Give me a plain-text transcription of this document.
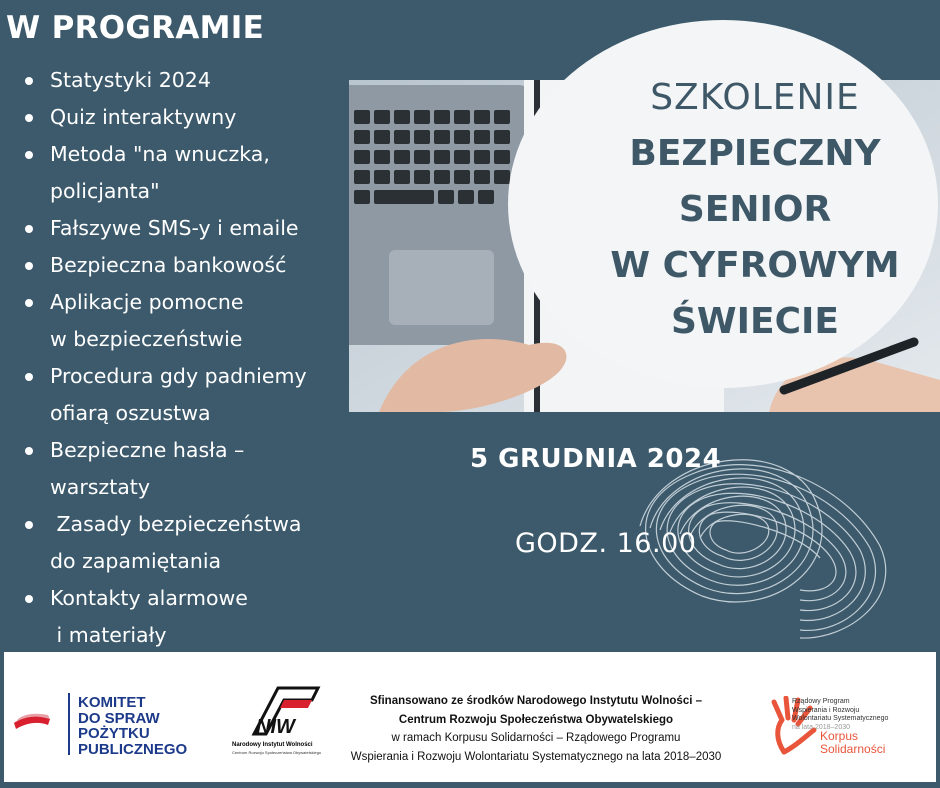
W PROGRAMIE
Statystyki 2024
Quiz interaktywny
Metoda "na wnuczka,
policjanta"
Fałszywe SMS-y i emaile
Bezpieczna bankowość
Aplikacje pomocne
w bezpieczeństwie
Procedura gdy padniemy
ofiarą oszustwa
Bezpieczne hasła –
warsztaty
Zasady bezpieczeństwa
do zapamiętania
Kontakty alarmowe
i materiały
SZKOLENIE
BEZPIECZNY
SENIOR
W CYFROWYM
ŚWIECIE
5 GRUDNIA 2024
GODZ. 16.00
KOMITET
DO SPRAW
POŻYTKU
PUBLICZNEGO
NIW
Narodowy Instytut Wolności
Centrum Rozwoju Społeczeństwa Obywatelskiego
Sfinansowano ze środków Narodowego Instytutu Wolności –
Centrum Rozwoju Społeczeństwa Obywatelskiego
w ramach Korpusu Solidarności – Rządowego Programu
Wspierania i Rozwoju Wolontariatu Systematycznego na lata 2018–2030
Rządowy Program
Wspierania i Rozwoju
Wolontariatu Systematycznego
na lata 2018–2030
Korpus
Solidarności
